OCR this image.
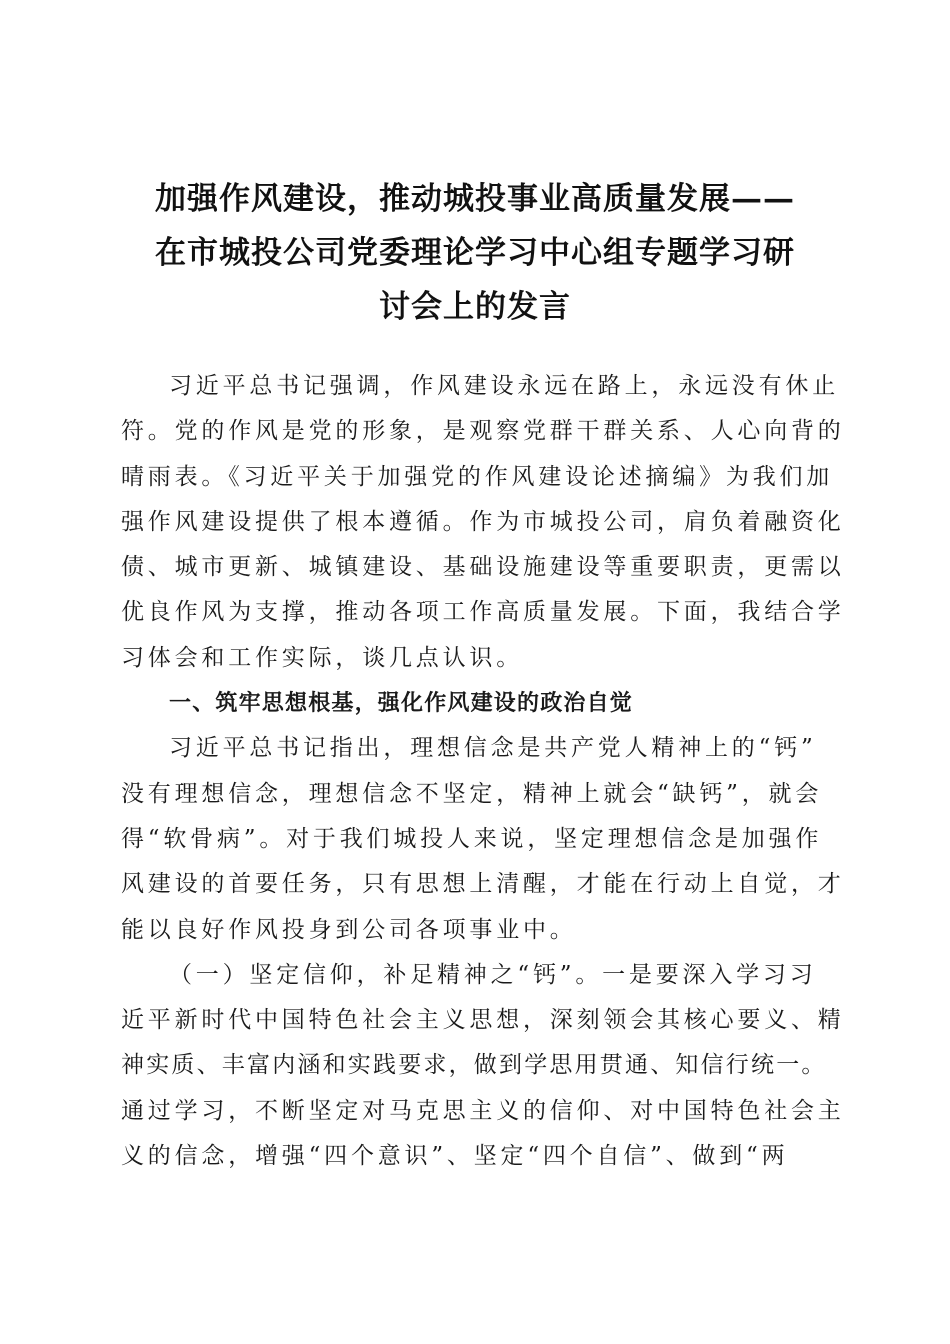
加强作风建设，推动城投事业高质量发展——
在市城投公司党委理论学习中心组专题学习研
讨会上的发言
习近平总书记强调，作风建设永远在路上，永远没有休止
符。党的作风是党的形象，是观察党群干群关系、人心向背的
晴雨表。《习近平关于加强党的作风建设论述摘编》为我们加
强作风建设提供了根本遵循。作为市城投公司，肩负着融资化
债、城市更新、城镇建设、基础设施建设等重要职责，更需以
优良作风为支撑，推动各项工作高质量发展。下面，我结合学
习体会和工作实际，谈几点认识。
一、筑牢思想根基，强化作风建设的政治自觉
习近平总书记指出，理想信念是共产党人精神上的“钙”
没有理想信念，理想信念不坚定，精神上就会“缺钙”，就会
得“软骨病”。对于我们城投人来说，坚定理想信念是加强作
风建设的首要任务，只有思想上清醒，才能在行动上自觉，才
能以良好作风投身到公司各项事业中。
（一）坚定信仰，补足精神之“钙”。一是要深入学习习
近平新时代中国特色社会主义思想，深刻领会其核心要义、精
神实质、丰富内涵和实践要求，做到学思用贯通、知信行统一。
通过学习，不断坚定对马克思主义的信仰、对中国特色社会主
义的信念，增强“四个意识”、坚定“四个自信”、做到“两
